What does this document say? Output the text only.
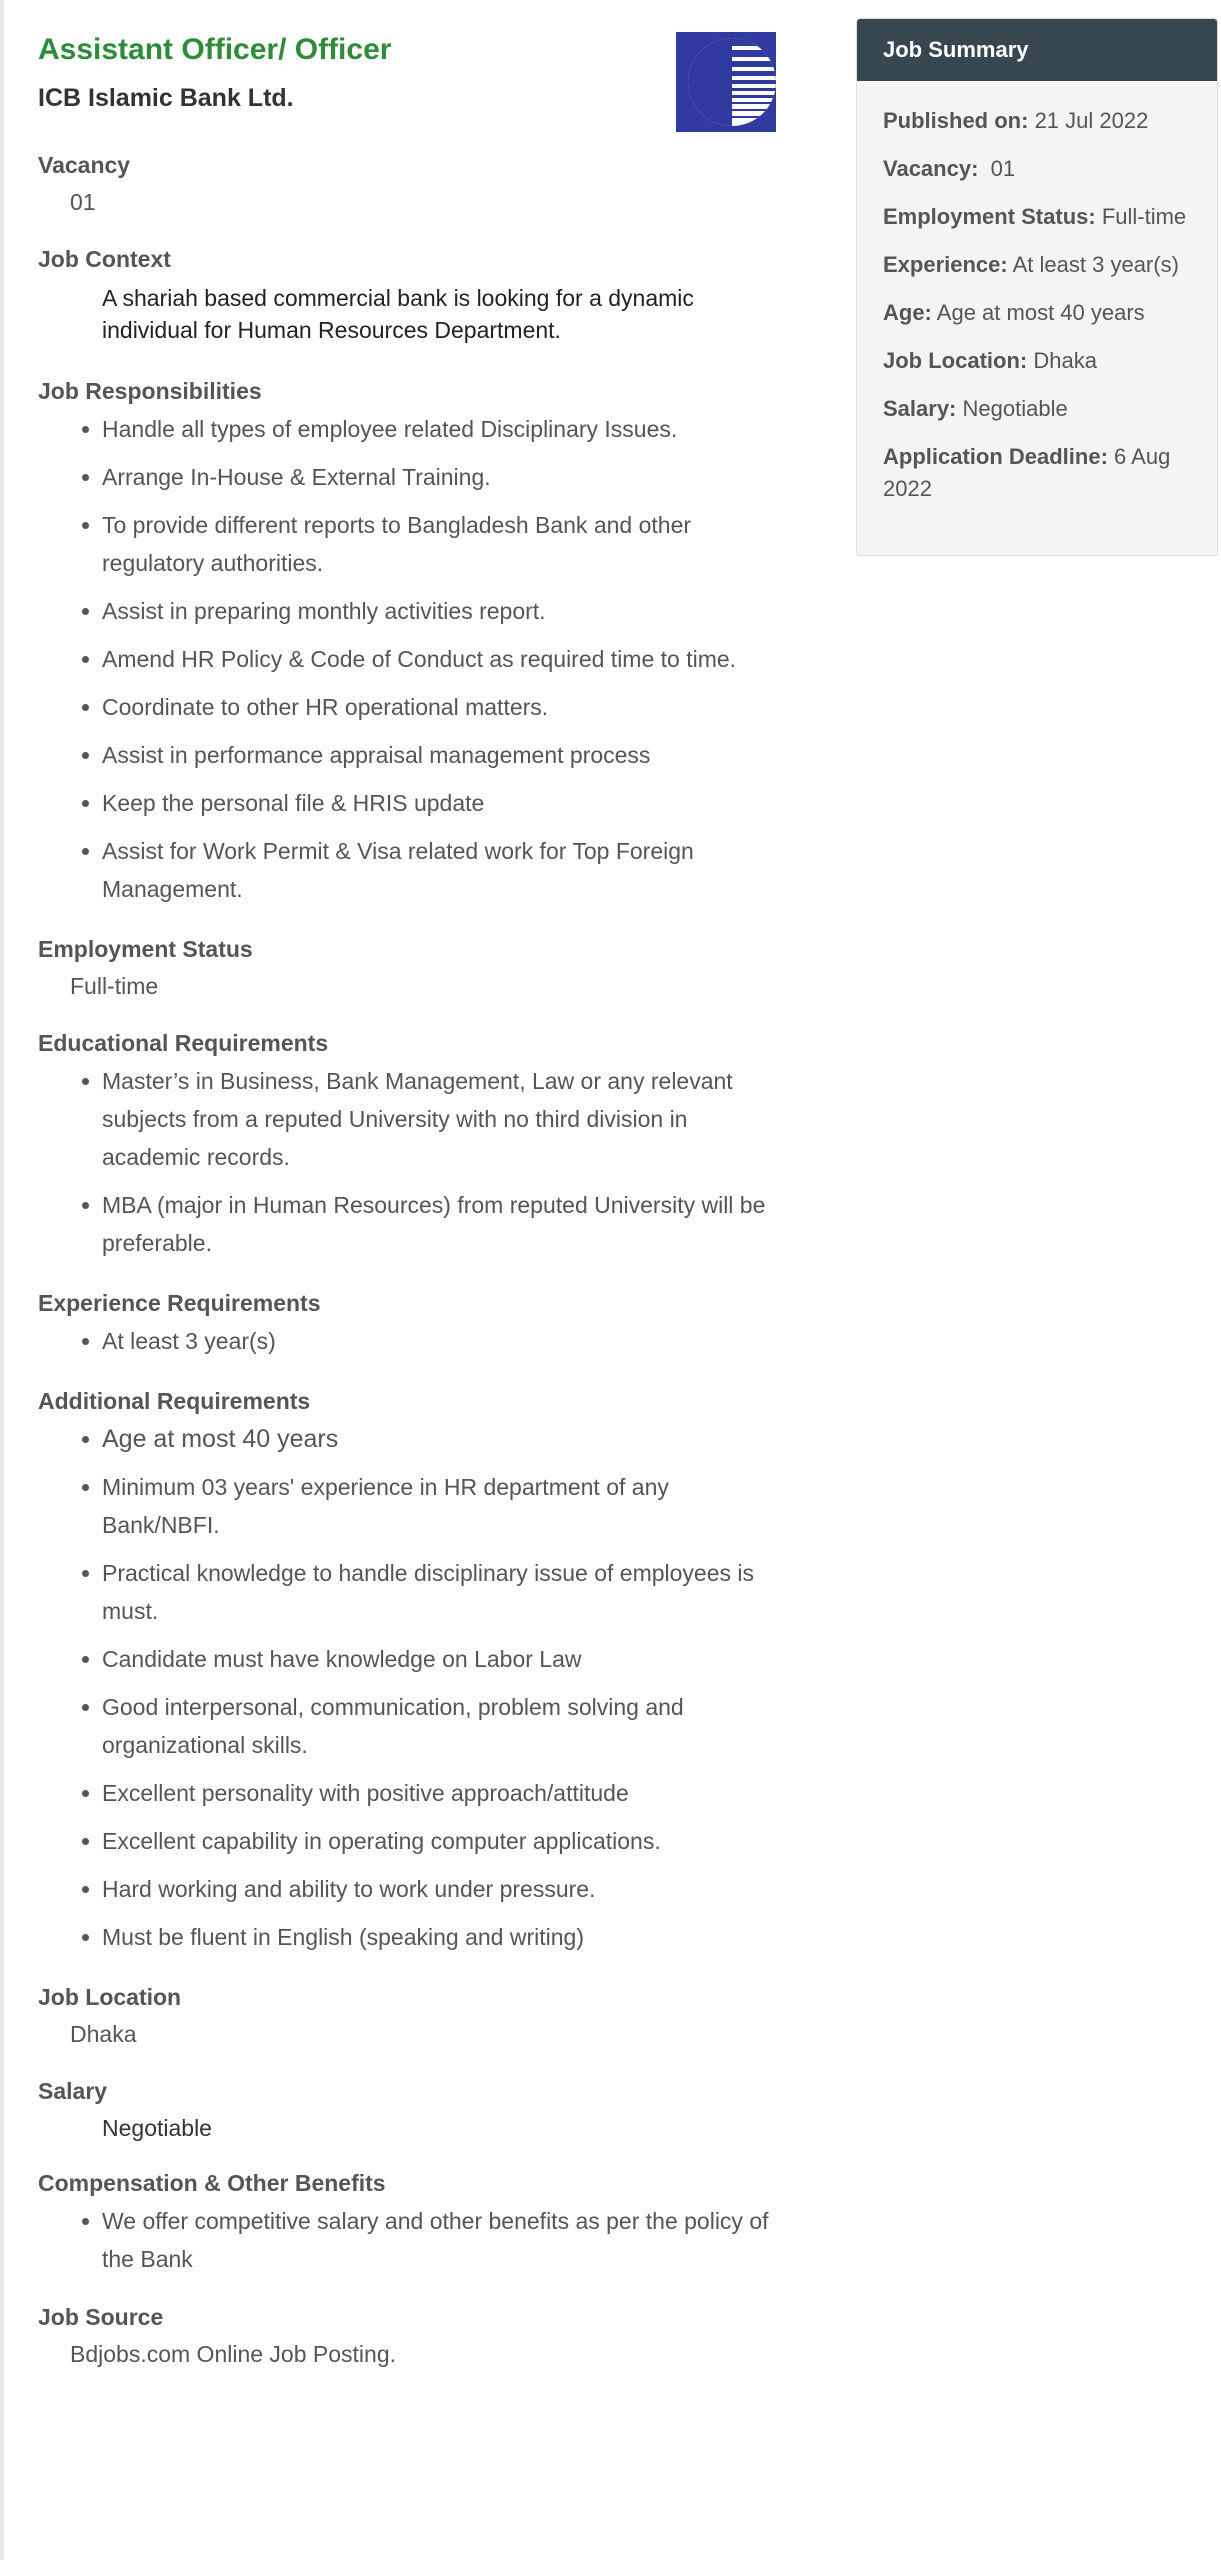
Assistant Officer/ Officer
ICB Islamic Bank Ltd.
Vacancy
01
Job Context
A shariah based commercial bank is looking for a dynamic individual for Human Resources Department.
Job Responsibilities
Handle all types of employee related Disciplinary Issues.
Arrange In-House & External Training.
To provide different reports to Bangladesh Bank and other regulatory authorities.
Assist in preparing monthly activities report.
Amend HR Policy & Code of Conduct as required time to time.
Coordinate to other HR operational matters.
Assist in performance appraisal management process
Keep the personal file & HRIS update
Assist for Work Permit & Visa related work for Top Foreign Management.
Employment Status
Full-time
Educational Requirements
Master’s in Business, Bank Management, Law or any relevant subjects from a reputed University with no third division in academic records.
MBA (major in Human Resources) from reputed University will be preferable.
Experience Requirements
At least 3 year(s)
Additional Requirements
Age at most 40 years
Minimum 03 years' experience in HR department of any Bank/NBFI.
Practical knowledge to handle disciplinary issue of employees is must.
Candidate must have knowledge on Labor Law
Good interpersonal, communication, problem solving and organizational skills.
Excellent personality with positive approach/attitude
Excellent capability in operating computer applications.
Hard working and ability to work under pressure.
Must be fluent in English (speaking and writing)
Job Location
Dhaka
Salary
Negotiable
Compensation & Other Benefits
We offer competitive salary and other benefits as per the policy of the Bank
Job Source
Bdjobs.com Online Job Posting.
Job Summary
Published on: 21 Jul 2022
Vacancy:  01
Employment Status: Full-time
Experience: At least 3 year(s)
Age: Age at most 40 years
Job Location: Dhaka
Salary: Negotiable
Application Deadline: 6 Aug 2022
